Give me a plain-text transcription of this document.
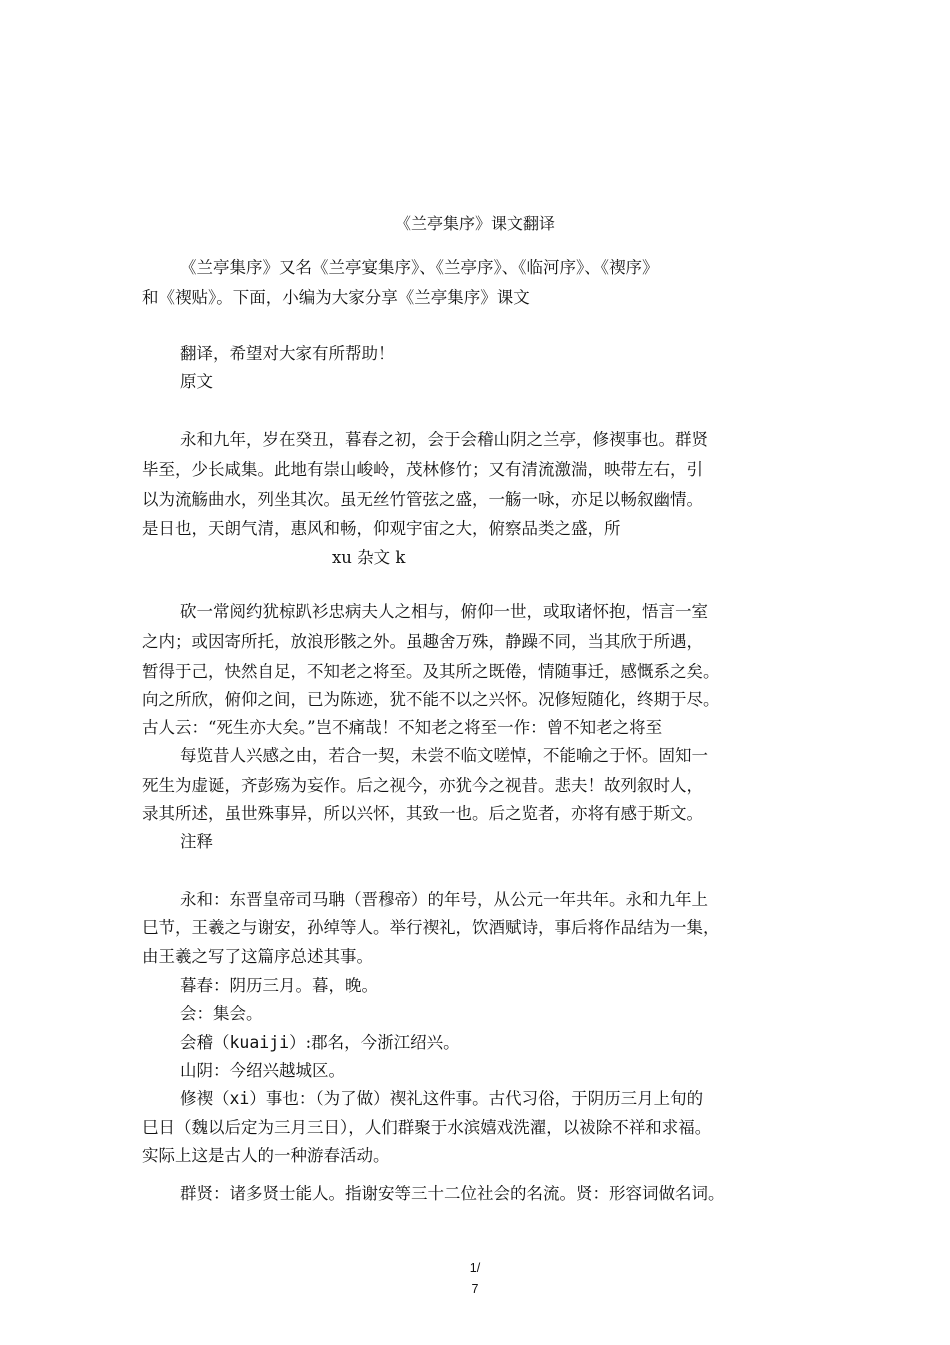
《兰亭集序》课文翻译
《兰亭集序》又名《兰亭宴集序》、《兰亭序》、《临河序》、《禊序》
和《禊贴》。下面，小编为大家分享《兰亭集序》课文
翻译，希望对大家有所帮助！
原文
永和九年，岁在癸丑，暮春之初，会于会稽山阴之兰亭，修禊事也。群贤
毕至，少长咸集。此地有崇山峻岭，茂林修竹；又有清流激湍，映带左右，引
以为流觞曲水，列坐其次。虽无丝竹管弦之盛，一觞一咏，亦足以畅叙幽情。
是日也，天朗气清，惠风和畅，仰观宇宙之大，俯察品类之盛，所
xu 杂文 k
砍一常阅约犹椋趴衫忠病夫人之相与，俯仰一世，或取诸怀抱，悟言一室
之内；或因寄所托，放浪形骸之外。虽趣舍万殊，静躁不同，当其欣于所遇，
暂得于己，快然自足，不知老之将至。及其所之既倦，情随事迁，感慨系之矣。
向之所欣，俯仰之间，已为陈迹，犹不能不以之兴怀。况修短随化，终期于尽。
古人云：“死生亦大矣。”岂不痛哉！不知老之将至一作：曾不知老之将至
每览昔人兴感之由，若合一契，未尝不临文嗟悼，不能喻之于怀。固知一
死生为虚诞，齐彭殇为妄作。后之视今，亦犹今之视昔。悲夫！故列叙时人，
录其所述，虽世殊事异，所以兴怀，其致一也。后之览者，亦将有感于斯文。
注释
永和：东晋皇帝司马聃（晋穆帝）的年号，从公元一年共年。永和九年上
巳节，王羲之与谢安，孙绰等人。举行禊礼，饮酒赋诗，事后将作品结为一集，
由王羲之写了这篇序总述其事。
暮春：阴历三月。暮，晚。
会：集会。
会稽（kuaiji）:郡名，今浙江绍兴。
山阴：今绍兴越城区。
修禊（xi）事也：（为了做）禊礼这件事。古代习俗，于阴历三月上旬的
巳日（魏以后定为三月三日），人们群聚于水滨嬉戏洗濯，以祓除不祥和求福。
实际上这是古人的一种游春活动。
群贤：诸多贤士能人。指谢安等三十二位社会的名流。贤：形容词做名词。
1/
7
